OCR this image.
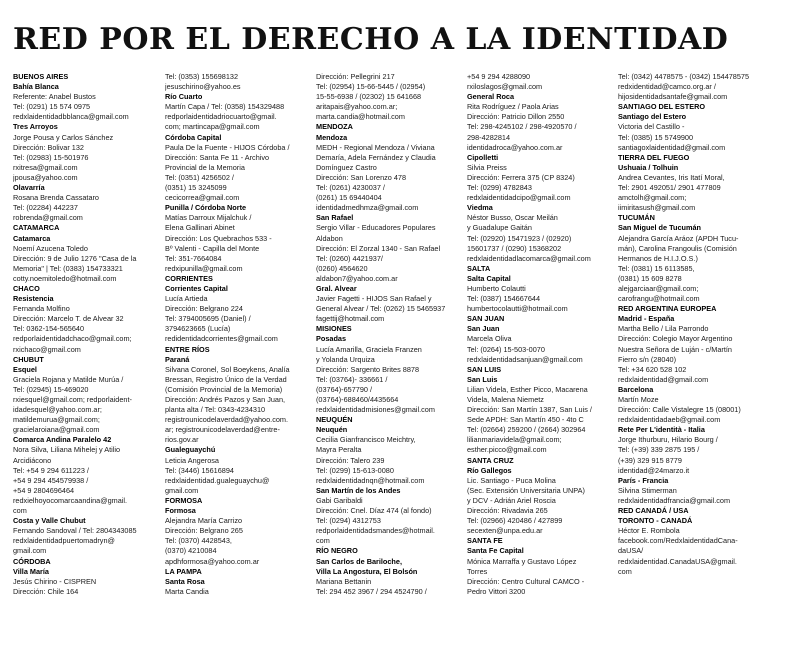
RED POR EL DERECHO A LA IDENTIDAD
BUENOS AIRES
Bahía Blanca
Referente: Anabel Bustos
Tel: (0291) 15 574 0975
redxlaidentidadbblanca@gmail.com
Tres Arroyos
Jorge Pousa y Carlos Sánchez
Dirección: Bolivar 132
Tel: (02983) 15-501976
rxitresa@gmail.com
jpousa@yahoo.com
Olavarría
Rosana Brenda Cassataro
Tel: (02284) 442237
robrenda@gmail.com
CATAMARCA
Catamarca
Noemí Azucena Toledo
Dirección: 9 de Julio 1276 "Casa de la
Memoria" | Tel: (0383) 154733321
cotty.noemitoledo@hotmail.com
CHACO
Resistencia
Fernanda Molfino
Dirección: Marcelo T. de Alvear 32
Tel: 0362-154-565640
redporlaidentidadchaco@gmail.com;
rxichaco@gmail.com
CHUBUT
Esquel
Graciela Rojana y Matilde Murúa /
Tel: (02945) 15-469020
rxiesquel@gmail.com; redporlaident-
idadesquel@yahoo.com.ar;
matildemurua@gmail.com;
gracielaroiana@gmail.com
Comarca Andina Paralelo 42
Nora Silva, Liliana Mihelej y Atilio
Arcidiácono
Tel: +54 9 294 611223 /
+54 9 294 454579938 /
+54 9 2804696464
redxielhoyocomarcaandina@gmail.
com
Costa y Valle Chubut
Fernando Sandoval / Tel: 2804343085
redxlaidentidadpuertomadryn@
gmail.com
CÓRDOBA
Villa María
Jesús Chirino - CISPREN
Dirección: Chile 164
Tel: (0353) 155698132
jesuschirino@yahoo.es
Río Cuarto
Martín Capa / Tel: (0358) 154329488
redporlaidentidadriocuarto@gmail.
com; martincapa@gmail.com
Córdoba Capital
Paula De la Fuente - HIJOS Córdoba /
Dirección: Santa Fe 11 - Archivo
Provincial de la Memoria
Tel: (0351) 4256502 /
(0351) 15 3245099
cecicorrea@gmail.com
Punilla / Córdoba Norte
Matías Darroux Mijalchuk /
Elena Gallinari Abinet
Dirección: Los Quebrachos 533 -
Bº Valenti - Capilla del Monte
Tel: 351-7664084
redxipunilla@gmail.com
CORRIENTES
Corrientes Capital
Lucía Artieda
Dirección: Belgrano 224
Tel: 3794005695 (Daniel) /
3794623665 (Lucía)
redidentidadcorrientes@gmail.com
ENTRE RÍOS
Paraná
Silvana Coronel, Sol Boeykens, Analía
Bressan, Registro Único de la Verdad
(Comisión Provincial de la Memoria)
Dirección: Andrés Pazos y San Juan,
planta alta / Tel: 0343-4234310
registrounicodelaverdad@yahoo.com.
ar; registrounicodelaverdad@entre-
rios.gov.ar
Gualeguaychú
Leticia Angerosa
Tel: (3446) 15616894
redxlaidentidad.gualeguaychu@
gmail.com
FORMOSA
Formosa
Alejandra María Carrizo
Dirección: Belgrano 265
Tel: (0370) 4428543,
(0370) 4210084
apdhformosa@yahoo.com.ar
LA PAMPA
Santa Rosa
Marta Candia
Dirección: Pellegrini 217
Tel: (02954) 15-66-5445 / (02954)
15-55-6938 / (02302) 15 641668
aritapais@yahoo.com.ar;
marta.candia@hotmail.com
MENDOZA
Mendoza
MEDH - Regional Mendoza / Viviana
Demaría, Adela Fernández y Claudia
Domínguez Castro
Dirección: San Lorenzo 478
Tel: (0261) 4230037 /
(0261) 15 69440404
identidadmedhmza@gmail.com
San Rafael
Sergio Villar - Educadores Populares
Aldabon
Dirección: El Zorzal 1340 - San Rafael
Tel: (0260) 4421937/
(0260) 4564620
aldabon7@yahoo.com.ar
Gral. Alvear
Javier Fagetti - HIJOS San Rafael y
General Alvear / Tel: (0262) 15 5465937
fagettij@hotmail.com
MISIONES
Posadas
Lucía Amarilla, Graciela Franzen
y Yolanda Urquiza
Dirección: Sargento Brites 8878
Tel: (03764)- 336661 /
(03764)-657790 /
(03764)-688460/4435664
redxlaidentidadmisiones@gmail.com
NEUQUÉN
Neuquén
Cecilia Gianfrancisco Meichtry,
Mayra Peralta
Dirección: Talero 239
Tel: (0299) 15-613-0080
redxlaidentidadnqn@hotmail.com
San Martín de los Andes
Gabi Garibaldi
Dirección: Cnel. Díaz 474 (al fondo)
Tel: (0294) 4312753
redporlaidentidadsmandes@hotmail.
com
RÍO NEGRO
San Carlos de Bariloche,
Villa La Angostura, El Bolsón
Mariana Bettanin
Tel: 294 452 3967 / 294 4524790 /
+54 9 294 4288090
rxiloslagos@gmail.com
General Roca
Rita Rodríguez / Paola Arias
Dirección: Patricio Dillon 2550
Tel: 298-4245102 / 298-4920570 /
298-4282814
identidadroca@yahoo.com.ar
Cipolletti
Silvia Preiss
Dirección: Ferrera 375 (CP 8324)
Tel: (0299) 4782843
redxlaidentidadcipo@gmail.com
Viedma
Néstor Busso, Oscar Meilán
y Guadalupe Gaitán
Tel: (02920) 15471923 / (02920)
15601737 / (0290) 15368202
redxlaidentidadlacomarca@gmail.com
SALTA
Salta Capital
Humberto Colautti
Tel: (0387) 154667644
humbertocolautti@hotmail.com
SAN JUAN
San Juan
Marcela Oliva
Tel: (0264) 15-503-0070
redxlaidentidadsanjuan@gmail.com
SAN LUIS
San Luis
Lilian Videla, Esther Picco, Macarena
Videla, Malena Niemetz
Dirección: San Martín 1387, San Luis /
Sede APDH: San Martín 450 - 4to C
Tel: (02664) 259200 / (2664) 302964
lilianmariavidela@gmail.com;
esther.picco@gmail.com
SANTA CRUZ
Río Gallegos
Lic. Santiago - Puca Molina
(Sec. Extensión Universitaria UNPA)
y DCV - Adrián Ariel Roscia
Dirección: Rivadavia 265
Tel: (02966) 420486 / 427899
secexten@unpa.edu.ar
SANTA FE
Santa Fe Capital
Mónica Marraffa y Gustavo López
Torres
Dirección: Centro Cultural CAMCO -
Pedro Vittori 3200
Tel: (0342) 4478575 - (0342) 154478575
redxidentidad@camco.org.ar /
hijosidentidadsantafe@gmail.com
SANTIAGO DEL ESTERO
Santiago del Estero
Victoria del Castillo -
Tel: (0385) 15 5749900
santiagoxlaidentidad@gmail.com
TIERRA DEL FUEGO
Ushuaia / Tolhuin
Andrea Cevantes, Iris Itatí Moral,
Tel: 2901 492051/ 2901 477809
amctolh@gmail.com;
iimiritasush@gmail.com
TUCUMÁN
San Miguel de Tucumán
Alejandra García Aráoz (APDH Tucu-
mán), Carolina Frangoulis (Comisión
Hermanos de H.I.J.O.S.)
Tel: (0381) 15 6113585,
(0381) 15 609 8278
alejgarciaar@gmail.com;
carofrangu@hotmail.com
RED ARGENTINA EUROPEA
Madrid - España
Martha Bello / Lila Parrondo
Dirección: Colegio Mayor Argentino
Nuestra Señora de Luján - c/Martín
Fierro s/n (28040)
Tel: +34 620 528 102
redxlaidentidad@gmail.com
Barcelona
Martín Moze
Dirección: Calle Vistalegre 15 (08001)
redxlaidentidadaeb@gmail.com
Rete Per L'identità - Italia
Jorge Ithurburu, Hilario Bourg /
Tel: (+39) 339 2875 195 /
(+39) 329 915 8779
identidad@24marzo.it
París - Francia
Silvina Stimerman
redxlaidentidadfrancia@gmail.com
RED CANADÁ / USA
TORONTO - CANADÁ
Héctor E. Rombola
facebook.com/RedxlaidentidadCana-
daUSA/
redxlaidentidad.CanadaUSA@gmail.
com
